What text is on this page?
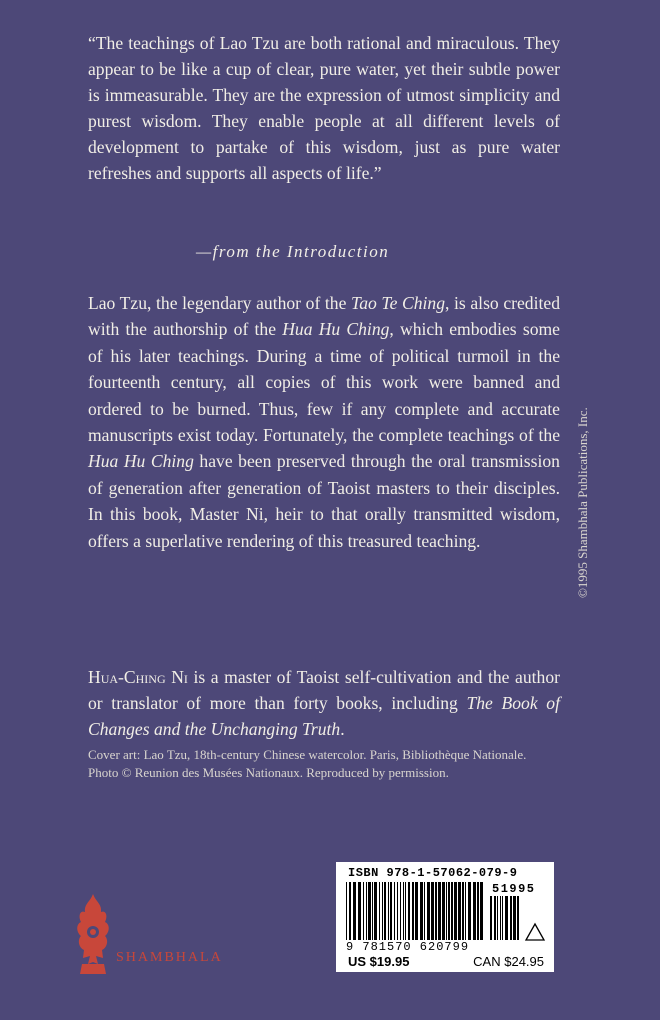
“The teachings of Lao Tzu are both rational and miraculous. They appear to be like a cup of clear, pure water, yet their subtle power is immeasurable. They are the expression of utmost simplicity and purest wisdom. They enable people at all different levels of development to partake of this wisdom, just as pure water refreshes and supports all aspects of life.”

—from the Introduction

Lao Tzu, the legendary author of the Tao Te Ching, is also credited with the authorship of the Hua Hu Ching, which embodies some of his later teachings. During a time of political turmoil in the fourteenth century, all copies of this work were banned and ordered to be burned. Thus, few if any complete and accurate manuscripts exist today. Fortunately, the complete teachings of the Hua Hu Ching have been preserved through the oral transmission of generation after generation of Taoist masters to their disciples. In this book, Master Ni, heir to that orally transmitted wisdom, offers a superlative rendering of this treasured teaching.

Hua-Ching Ni is a master of Taoist self-cultivation and the author or translator of more than forty books, including The Book of Changes and the Unchanging Truth.

Cover art: Lao Tzu, 18th-century Chinese watercolor. Paris, Bibliothèque Nationale. Photo © Reunion des Musées Nationaux. Reproduced by permission.

©1995 Shambhala Publications, Inc.
SHAMBHALA
ISBN 978-1-57062-079-9
51995
9 781570 620799
US $19.95	CAN $24.95
